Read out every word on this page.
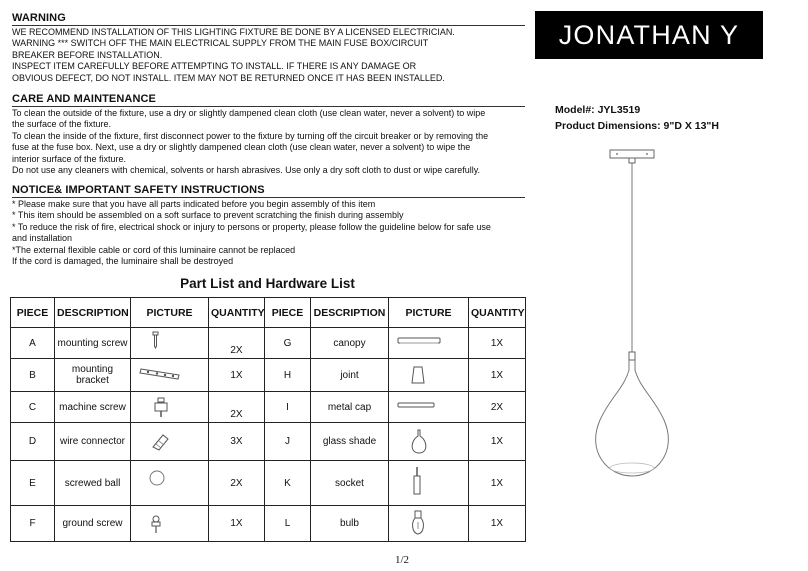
WARNING
WE RECOMMEND INSTALLATION OF THIS LIGHTING FIXTURE BE DONE BY A LICENSED ELECTRICIAN.
WARNING *** SWITCH OFF THE MAIN ELECTRICAL SUPPLY FROM THE MAIN FUSE BOX/CIRCUIT
BREAKER BEFORE INSTALLATION.
INSPECT ITEM CAREFULLY BEFORE ATTEMPTING TO INSTALL. IF THERE IS ANY DAMAGE OR
OBVIOUS DEFECT, DO NOT INSTALL. ITEM MAY NOT BE RETURNED ONCE IT HAS BEEN INSTALLED.
CARE AND MAINTENANCE
To clean the outside of the fixture, use a dry or slightly dampened clean cloth (use clean water, never a solvent) to wipe
the surface of the fixture.
To clean the inside of the fixture, first disconnect power to the fixture by turning off the circuit breaker or by removing the
fuse at the fuse box. Next, use a dry or slightly dampened clean cloth (use clean water, never a solvent) to wipe the
interior surface of the fixture.
Do not use any cleaners with chemical, solvents or harsh abrasives. Use only a dry soft cloth to dust or wipe carefully.
NOTICE& IMPORTANT SAFETY INSTRUCTIONS
* Please make sure that you have all parts indicated before you begin assembly of this item
* This item should be assembled on a soft surface to prevent scratching the finish during assembly
* To reduce the risk of fire, electrical shock or injury to persons or property, please follow the guideline below for safe use
and installation
*The external flexible cable or cord of this luminaire cannot be replaced
If the cord is damaged, the luminaire shall be destroyed
Part List and Hardware List
PIECE	DESCRIPTION	PICTURE	QUANTITY	PIECE	DESCRIPTION	PICTURE	QUANTITY
A	mounting screw		2X	G	canopy		1X
B	mounting bracket		1X	H	joint		1X
C	machine screw		2X	I	metal cap		2X
D	wire connector		3X	J	glass shade		1X
E	screwed ball		2X	K	socket		1X
F	ground screw		1X	L	bulb		1X
JONATHAN Y
Model#: JYL3519
Product Dimensions: 9"D X 13"H
1/2
